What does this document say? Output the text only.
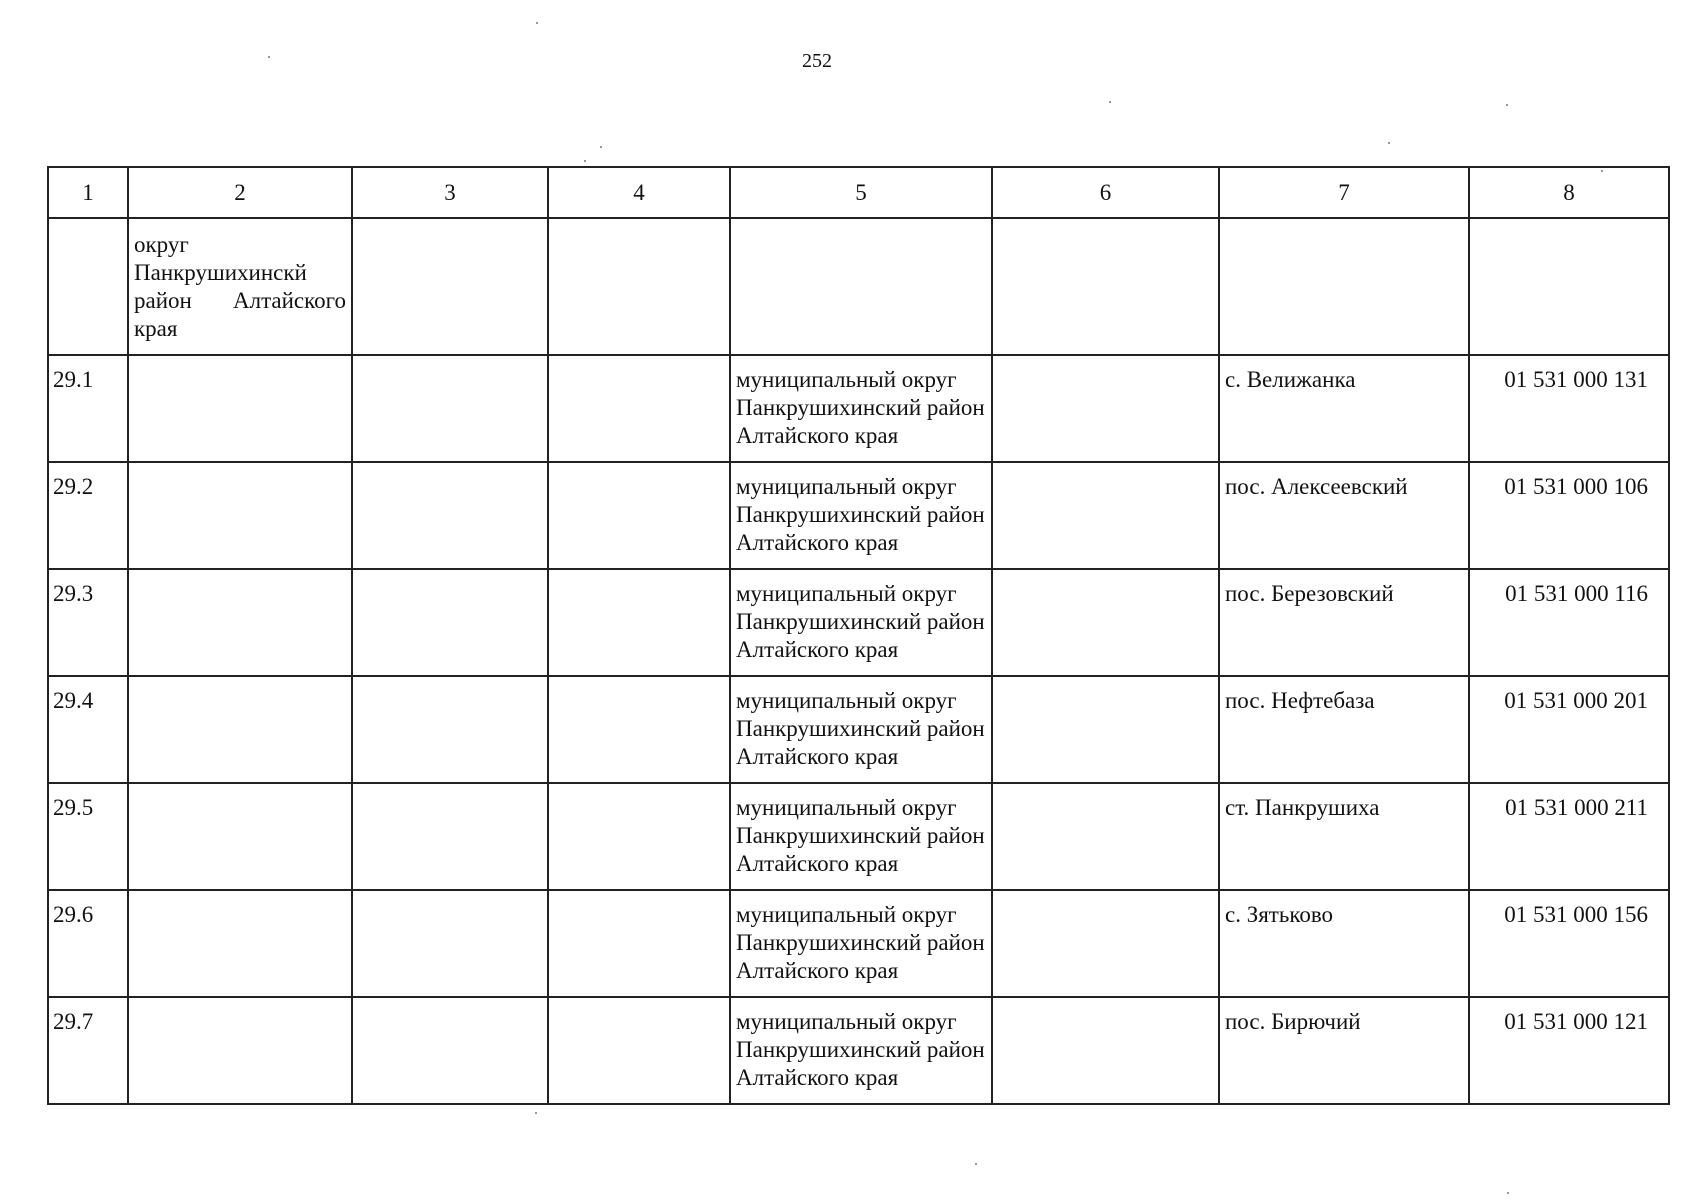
252
1	2	3	4	5	6	7	8

	округ Панкрушихинскй район Алтайского края						

29.1				муниципальный округ Панкрушихинский район Алтайского края		с. Велижанка	01 531 000 131

29.2				муниципальный округ Панкрушихинский район Алтайского края		пос. Алексеевский	01 531 000 106

29.3				муниципальный округ Панкрушихинский район Алтайского края		пос. Березовский	01 531 000 116

29.4				муниципальный округ Панкрушихинский район Алтайского края		пос. Нефтебаза	01 531 000 201

29.5				муниципальный округ Панкрушихинский район Алтайского края		ст. Панкрушиха	01 531 000 211

29.6				муниципальный округ Панкрушихинский район Алтайского края		с. Зятьково	01 531 000 156

29.7				муниципальный округ Панкрушихинский район Алтайского края		пос. Бирючий	01 531 000 121
